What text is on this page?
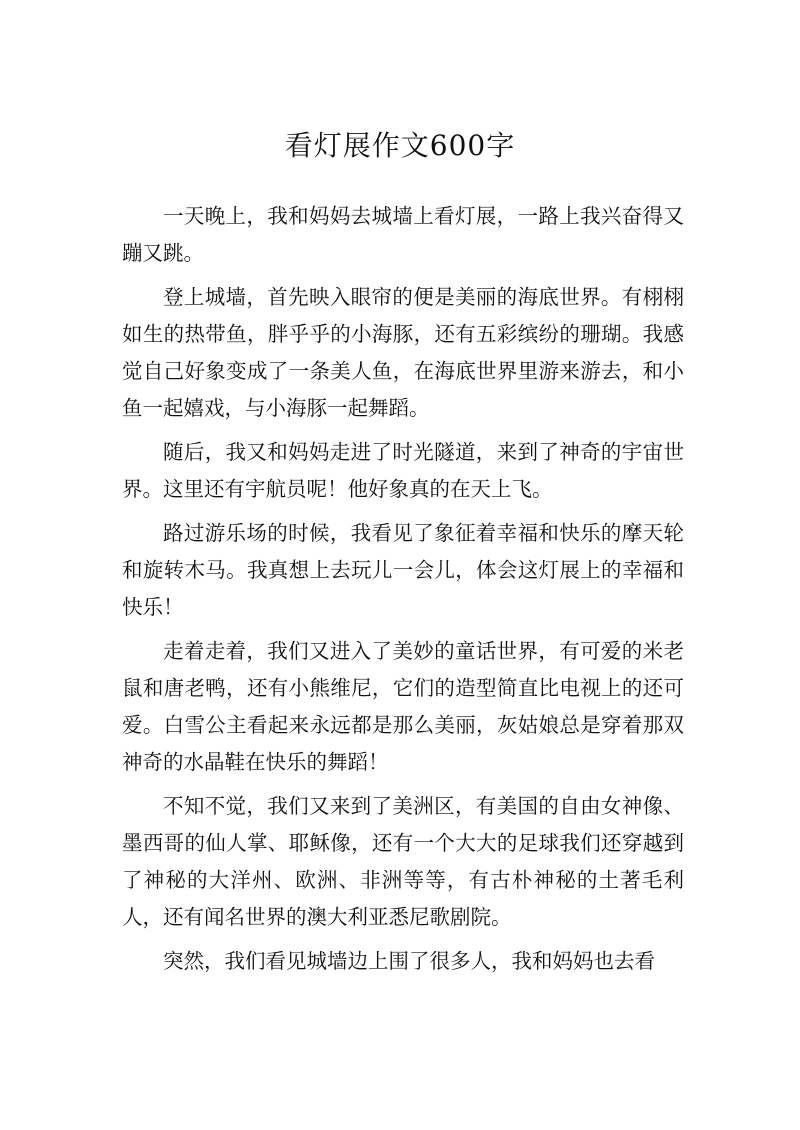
看灯展作文600字

一天晚上，我和妈妈去城墙上看灯展，一路上我兴奋得又蹦又跳。

登上城墙，首先映入眼帘的便是美丽的海底世界。有栩栩如生的热带鱼，胖乎乎的小海豚，还有五彩缤纷的珊瑚。我感觉自己好象变成了一条美人鱼，在海底世界里游来游去，和小鱼一起嬉戏，与小海豚一起舞蹈。

随后，我又和妈妈走进了时光隧道，来到了神奇的宇宙世界。这里还有宇航员呢！他好象真的在天上飞。

路过游乐场的时候，我看见了象征着幸福和快乐的摩天轮和旋转木马。我真想上去玩儿一会儿，体会这灯展上的幸福和快乐！

走着走着，我们又进入了美妙的童话世界，有可爱的米老鼠和唐老鸭，还有小熊维尼，它们的造型简直比电视上的还可爱。白雪公主看起来永远都是那么美丽，灰姑娘总是穿着那双神奇的水晶鞋在快乐的舞蹈！

不知不觉，我们又来到了美洲区，有美国的自由女神像、墨西哥的仙人掌、耶稣像，还有一个大大的足球我们还穿越到了神秘的大洋州、欧洲、非洲等等，有古朴神秘的土著毛利人，还有闻名世界的澳大利亚悉尼歌剧院。

突然，我们看见城墙边上围了很多人，我和妈妈也去看
